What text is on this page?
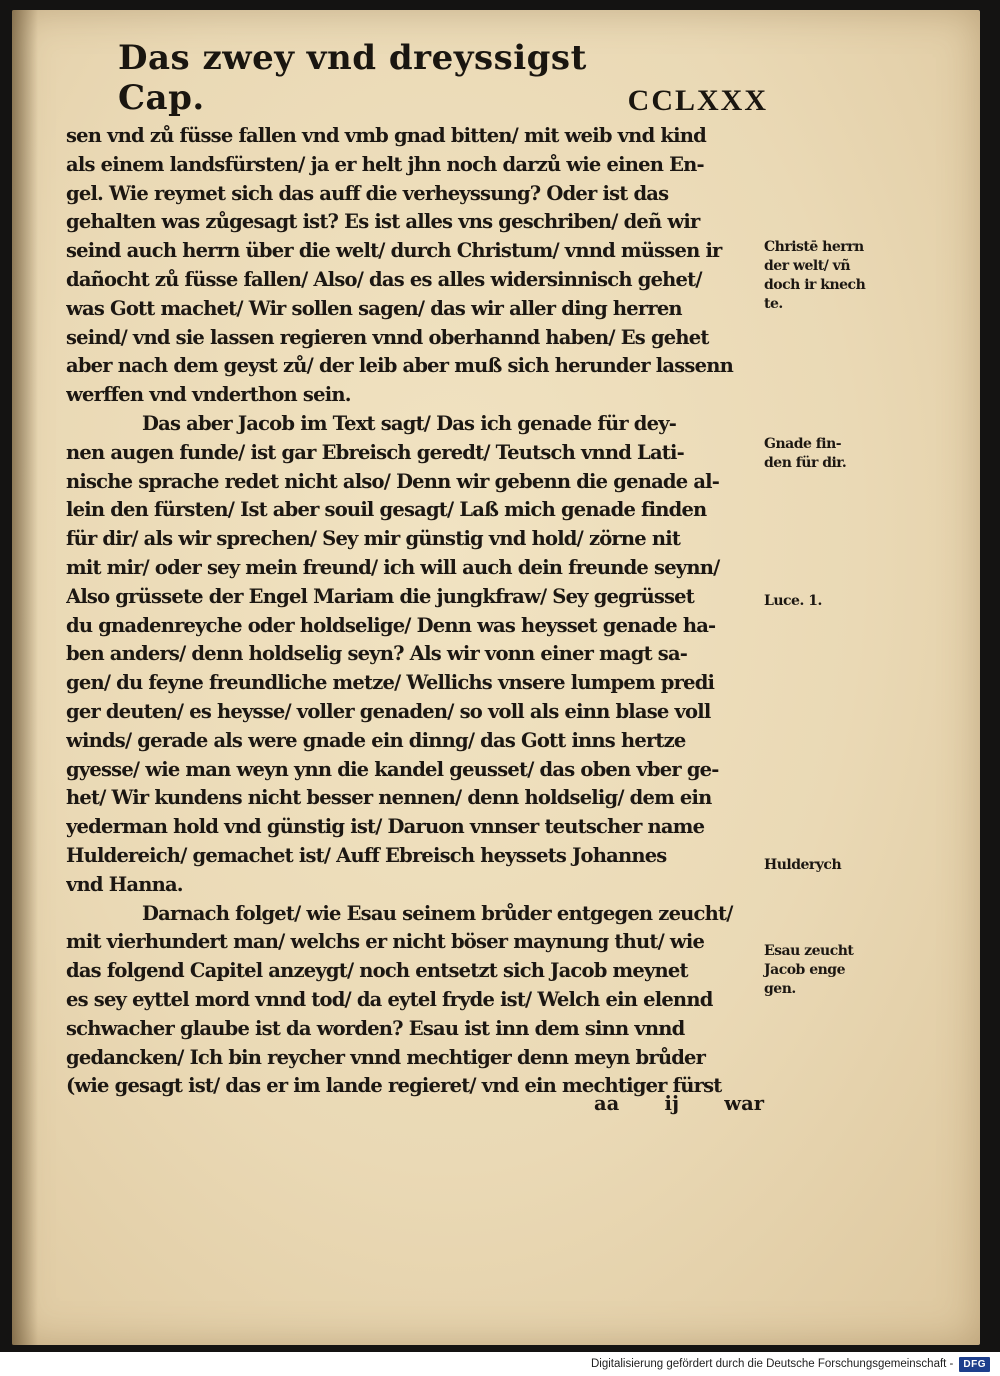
Das zwey vnd dreyssigst Cap.	CCLXXX
sen vnd zů füsse fallen vnd vmb gnad bitten/ mit weib vnd kind
als einem landsfürsten/ ja er helt jhn noch darzů wie einen En-
gel. Wie reymet sich das auff die verheyssung? Oder ist das
gehalten was zůgesagt ist? Es ist alles vns geschriben/ deñ wir
seind auch herrn über die welt/ durch Christum/ vnnd müssen ir
dañocht zů füsse fallen/ Also/ das es alles widersinnisch gehet/
was Gott machet/ Wir sollen sagen/ das wir aller ding herren
seind/ vnd sie lassen regieren vnnd oberhannd haben/ Es gehet
aber nach dem geyst zů/ der leib aber muß sich herunder lassenn
werffen vnd vnderthon sein.
Das aber Jacob im Text sagt/ Das ich genade für dey-
nen augen funde/ ist gar Ebreisch geredt/ Teutsch vnnd Lati-
nische sprache redet nicht also/ Denn wir gebenn die genade al-
lein den fürsten/ Ist aber souil gesagt/ Laß mich genade finden
für dir/ als wir sprechen/ Sey mir günstig vnd hold/ zörne nit
mit mir/ oder sey mein freund/ ich will auch dein freunde seynn/
Also grüssete der Engel Mariam die jungkfraw/ Sey gegrüsset
du gnadenreyche oder holdselige/ Denn was heysset genade ha-
ben anders/ denn holdselig seyn? Als wir vonn einer magt sa-
gen/ du feyne freundliche metze/ Wellichs vnsere lumpem predi
ger deuten/ es heysse/ voller genaden/ so voll als einn blase voll
winds/ gerade als were gnade ein dinng/ das Gott inns hertze
gyesse/ wie man weyn ynn die kandel geusset/ das oben vber ge-
het/ Wir kundens nicht besser nennen/ denn holdselig/ dem ein
yederman hold vnd günstig ist/ Daruon vnnser teutscher name
Huldereich/ gemachet ist/ Auff Ebreisch heyssets Johannes
vnd Hanna.
Darnach folget/ wie Esau seinem brůder entgegen zeucht/
mit vierhundert man/ welchs er nicht böser maynung thut/ wie
das folgend Capitel anzeygt/ noch entsetzt sich Jacob meynet
es sey eyttel mord vnnd tod/ da eytel fryde ist/ Welch ein elennd
schwacher glaube ist da worden? Esau ist inn dem sinn vnnd
gedancken/ Ich bin reycher vnnd mechtiger denn meyn brůder
(wie gesagt ist/ das er im lande regieret/ vnd ein mechtiger fürst
aa ij war
Christē herrn
der welt/ vñ
doch ir knech
te.
Gnade fin-
den für dir.
Luce. 1.
Hulderych
Esau zeucht
Jacob enge
gen.
Digitalisierung gefördert durch die Deutsche Forschungsgemeinschaft -	DFG
